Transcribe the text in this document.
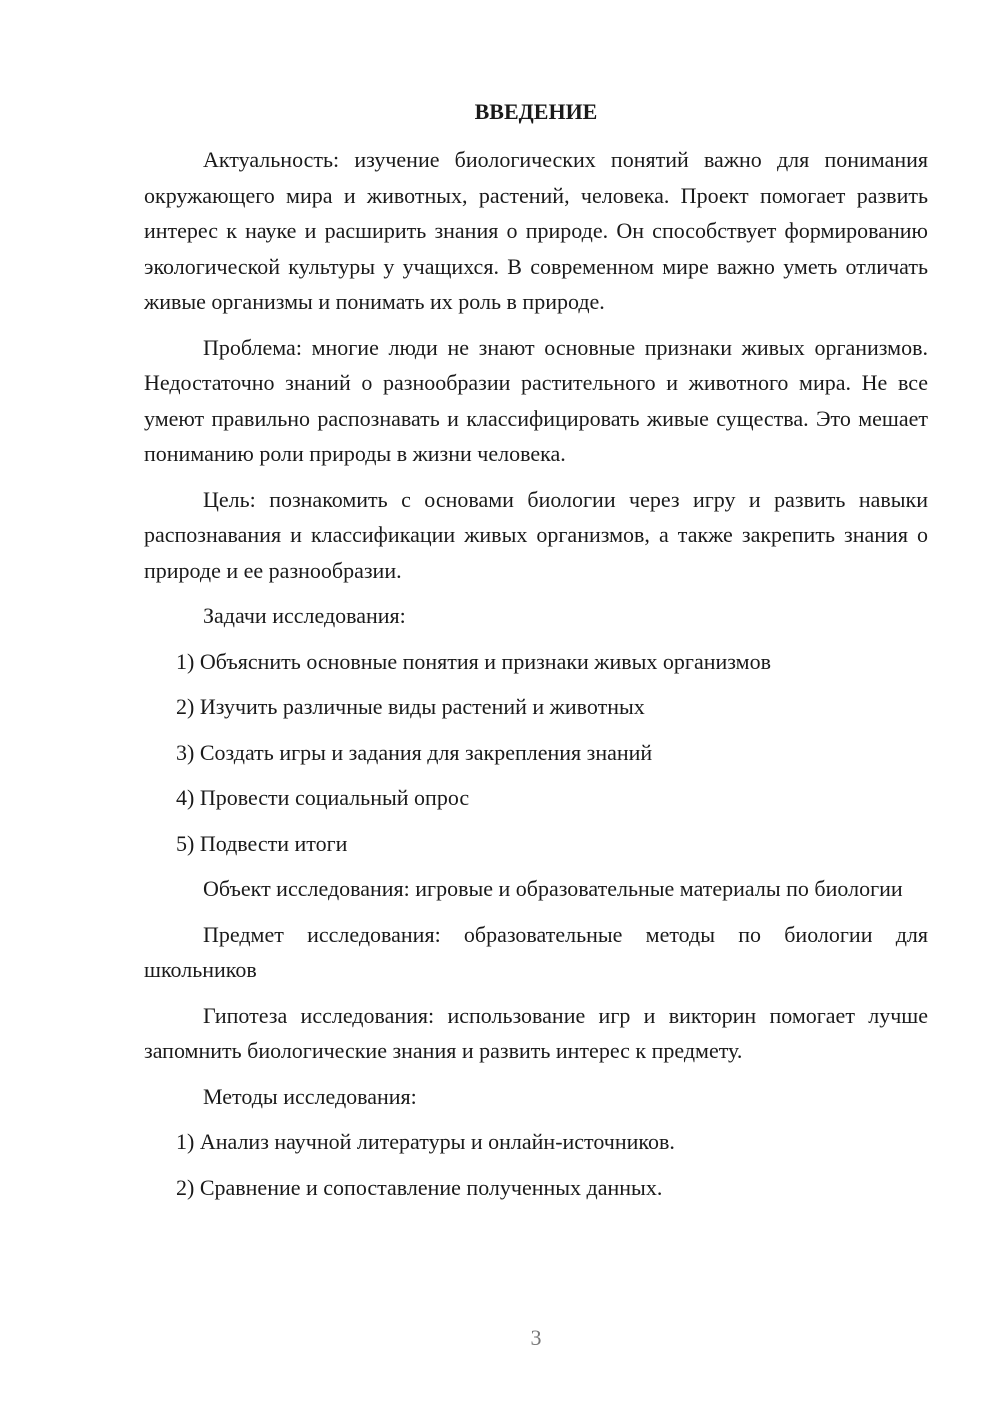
ВВЕДЕНИЕ

Актуальность: изучение биологических понятий важно для понимания окружающего мира и животных, растений, человека. Проект помогает развить интерес к науке и расширить знания о природе. Он способствует формированию экологической культуры у учащихся. В современном мире важно уметь отличать живые организмы и понимать их роль в природе.

Проблема: многие люди не знают основные признаки живых организмов. Недостаточно знаний о разнообразии растительного и животного мира. Не все умеют правильно распознавать и классифицировать живые существа. Это мешает пониманию роли природы в жизни человека.

Цель: познакомить с основами биологии через игру и развить навыки распознавания и классификации живых организмов, а также закрепить знания о природе и ее разнообразии.

Задачи исследования:

1) Объяснить основные понятия и признаки живых организмов

2) Изучить различные виды растений и животных

3) Создать игры и задания для закрепления знаний

4) Провести социальный опрос

5) Подвести итоги

Объект исследования: игровые и образовательные материалы по биологии

Предмет исследования: образовательные методы по биологии для школьников

Гипотеза исследования: использование игр и викторин помогает лучше запомнить биологические знания и развить интерес к предмету.

Методы исследования:

1) Анализ научной литературы и онлайн-источников.

2) Сравнение и сопоставление полученных данных.

3
